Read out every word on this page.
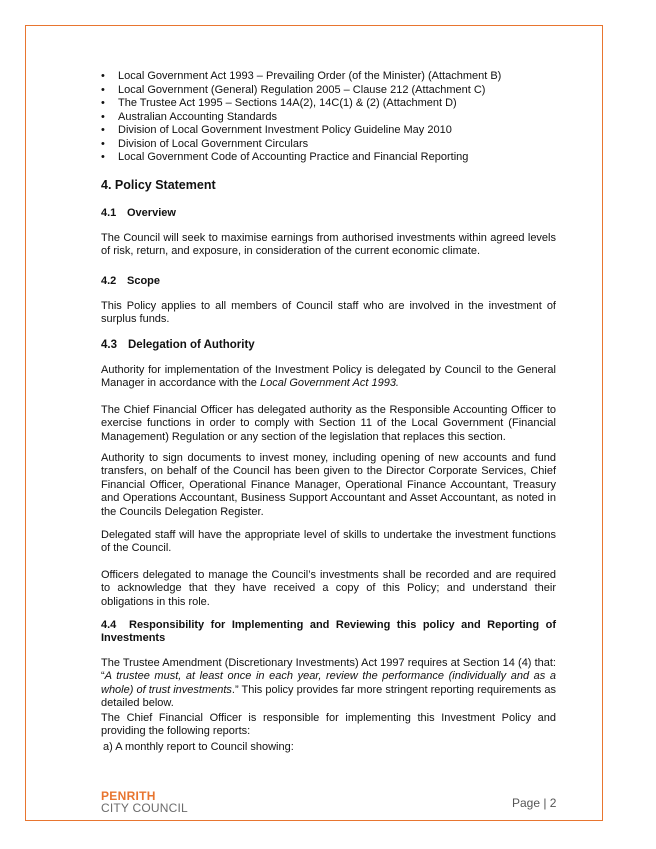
• Local Government Act 1993 – Prevailing Order (of the Minister) (Attachment B)
• Local Government (General) Regulation 2005 – Clause 212 (Attachment C)
• The Trustee Act 1995 – Sections 14A(2), 14C(1) & (2) (Attachment D)
• Australian Accounting Standards
• Division of Local Government Investment Policy Guideline May 2010
• Division of Local Government Circulars
• Local Government Code of Accounting Practice and Financial Reporting
4. Policy Statement
4.1 Overview

The Council will seek to maximise earnings from authorised investments within agreed levels of risk, return, and exposure, in consideration of the current economic climate.

4.2 Scope

This Policy applies to all members of Council staff who are involved in the investment of surplus funds.

4.3 Delegation of Authority

Authority for implementation of the Investment Policy is delegated by Council to the General Manager in accordance with the Local Government Act 1993.

The Chief Financial Officer has delegated authority as the Responsible Accounting Officer to exercise functions in order to comply with Section 11 of the Local Government (Financial Management) Regulation or any section of the legislation that replaces this section.

Authority to sign documents to invest money, including opening of new accounts and fund transfers, on behalf of the Council has been given to the Director Corporate Services, Chief Financial Officer, Operational Finance Manager, Operational Finance Accountant, Treasury and Operations Accountant, Business Support Accountant and Asset Accountant, as noted in the Councils Delegation Register.

Delegated staff will have the appropriate level of skills to undertake the investment functions of the Council.

Officers delegated to manage the Council’s investments shall be recorded and are required to acknowledge that they have received a copy of this Policy; and understand their obligations in this role.

4.4 Responsibility for Implementing and Reviewing this policy and Reporting of Investments

The Trustee Amendment (Discretionary Investments) Act 1997 requires at Section 14 (4) that: “A trustee must, at least once in each year, review the performance (individually and as a whole) of trust investments.” This policy provides far more stringent reporting requirements as detailed below.

The Chief Financial Officer is responsible for implementing this Investment Policy and providing the following reports:

a) A monthly report to Council showing:

PENRITH
CITY COUNCIL	Page | 2
